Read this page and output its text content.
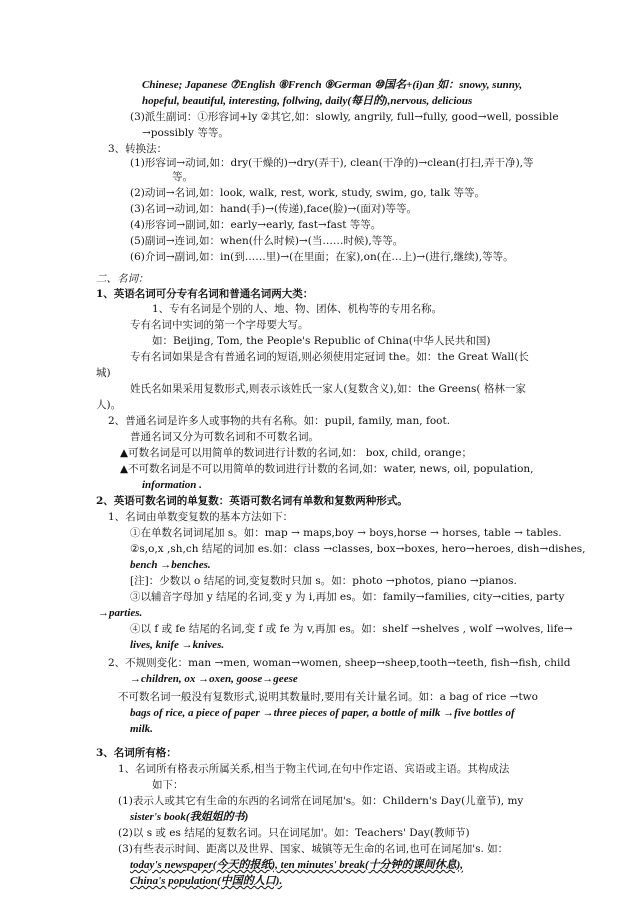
Chinese; Japanese ⑦English ⑧French ⑨German ⑩国名+(i)an 如：snowy, sunny,
hopeful, beautiful, interesting, follwing, daily(每日的),nervous, delicious
(3)派生副词：①形容词+ly ②其它,如：slowly, angrily, full→fully, good→well, possible
→possibly 等等。
3、转换法：
(1)形容词→动词,如：dry(干燥的)→dry(弄干), clean(干净的)→clean(打扫,弄干净),等
等。
(2)动词→名词,如：look, walk, rest, work, study, swim, go, talk 等等。
(3)名词→动词,如：hand(手)→(传递),face(脸)→(面对)等等。
(4)形容词→副词,如：early→early, fast→fast 等等。
(5)副词→连词,如：when(什么时候)→(当……时候),等等。
(6)介词→副词,如：in(到……里)→(在里面；在家),on(在…上)→(进行,继续),等等。
二、名词：
1、英语名词可分专有名词和普通名词两大类：
1、专有名词是个别的人、地、物、团体、机构等的专用名称。
专有名词中实词的第一个字母要大写。
如：Beijing, Tom, the People's Republic of China(中华人民共和国)
专有名词如果是含有普通名词的短语,则必须使用定冠词 the。如：the Great Wall(长
城)
姓氏名如果采用复数形式,则表示该姓氏一家人(复数含义),如：the Greens( 格林一家
人)。
2、普通名词是许多人或事物的共有名称。如：pupil, family, man, foot.
普通名词又分为可数名词和不可数名词。
▲可数名词是可以用简单的数词进行计数的名词,如： box, child, orange；
▲不可数名词是不可以用简单的数词进行计数的名词,如：water, news, oil, population,
information .
2、英语可数名词的单复数：英语可数名词有单数和复数两种形式。
1、名词由单数变复数的基本方法如下：
①在单数名词词尾加 s。如：map → maps,boy → boys,horse → horses, table → tables.
②s,o,x ,sh,ch 结尾的词加 es.如：class →classes, box→boxes, hero→heroes, dish→dishes,
bench →benches.
[注]：少数以 o 结尾的词,变复数时只加 s。如：photo →photos, piano →pianos.
③以辅音字母加 y 结尾的名词,变 y 为 i,再加 es。如：family→families, city→cities, party
→parties.
④以 f 或 fe 结尾的名词,变 f 或 fe 为 v,再加 es。如：shelf →shelves , wolf →wolves, life→
lives, knife →knives.
2、不规则变化：man →men, woman→women, sheep→sheep,tooth→teeth, fish→fish, child
→children, ox →oxen, goose→geese
不可数名词一般没有复数形式,说明其数量时,要用有关计量名词。如：a bag of rice →two
bags of rice, a piece of paper →three pieces of paper, a bottle of milk →five bottles of
milk.
3、名词所有格：
1、名词所有格表示所属关系,相当于物主代词,在句中作定语、宾语或主语。其构成法
如下：
(1)表示人或其它有生命的东西的名词常在词尾加's。如：Childern's Day(儿童节), my
sister's book(我姐姐的书)
(2)以 s 或 es 结尾的复数名词。只在词尾加'。如：Teachers' Day(教师节)
(3)有些表示时间、距离以及世界、国家、城镇等无生命的名词,也可在词尾加's. 如：
today's newspaper(今天的报纸), ten minutes' break(十分钟的课间休息),
China's population(中国的人口).
